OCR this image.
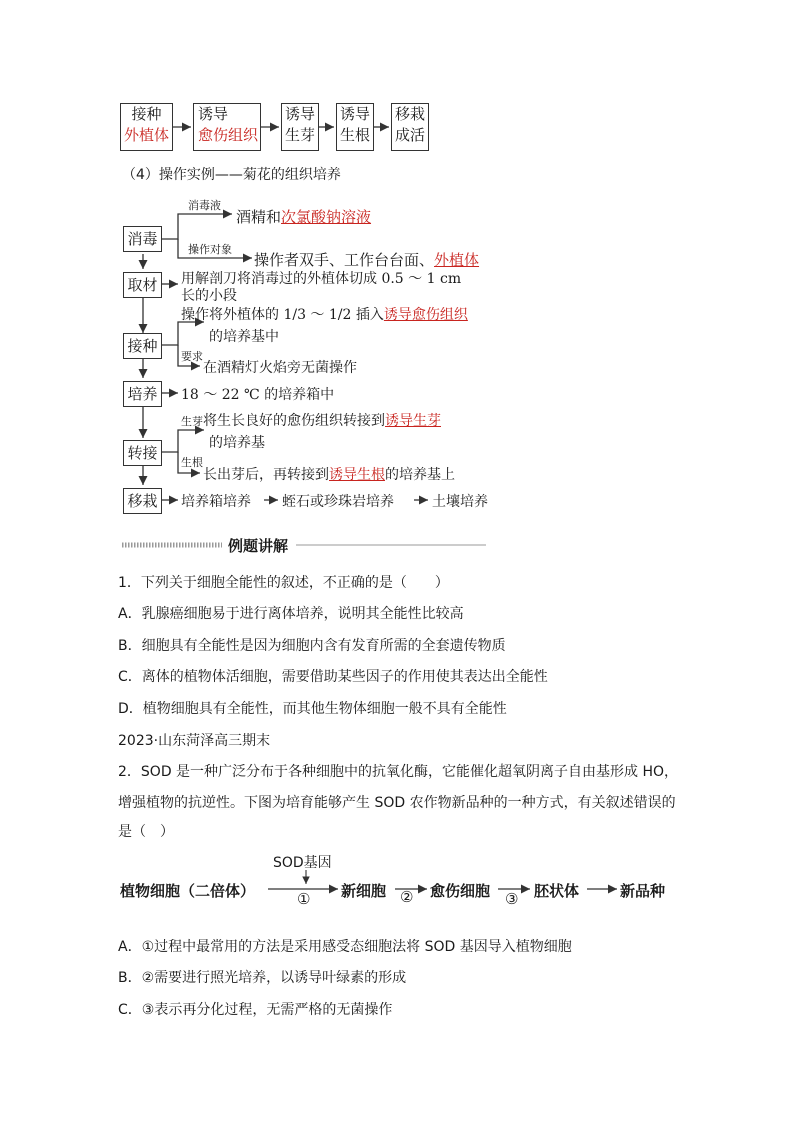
接种
外植体
诱导
愈伤组织
诱导
生芽
诱导
生根
移栽
成活
（4）操作实例——菊花的组织培养
消毒
取材
接种
培养
转接
移栽
消毒液
酒精和次氯酸钠溶液
操作对象
操作者双手、工作台台面、外植体
用解剖刀将消毒过的外植体切成 0.5 ～ 1 cm
长的小段
操作将外植体的 1/3 ～ 1/2 插入诱导愈伤组织
的培养基中
要求
在酒精灯火焰旁无菌操作
18 ～ 22 ℃ 的培养箱中
生芽将生长良好的愈伤组织转接到诱导生芽
的培养基
生根
长出芽后，再转接到诱导生根的培养基上
培养箱培养 蛭石或珍珠岩培养	土壤培养
例题讲解
1．下列关于细胞全能性的叙述，不正确的是（　　）
A．乳腺癌细胞易于进行离体培养，说明其全能性比较高
B．细胞具有全能性是因为细胞内含有发育所需的全套遗传物质
C．离体的植物体活细胞，需要借助某些因子的作用使其表达出全能性
D．植物细胞具有全能性，而其他生物体细胞一般不具有全能性
2023·山东菏泽高三期末
2．SOD 是一种广泛分布于各种细胞中的抗氧化酶，它能催化超氧阴离子自由基形成 HO，
增强植物的抗逆性。下图为培育能够产生 SOD 农作物新品种的一种方式，有关叙述错误的
是（　）
SOD基因
植物细胞（二倍体）	新细胞	愈伤细胞	胚状体	新品种
①	②	③
A．①过程中最常用的方法是采用感受态细胞法将 SOD 基因导入植物细胞
B．②需要进行照光培养，以诱导叶绿素的形成
C．③表示再分化过程，无需严格的无菌操作
